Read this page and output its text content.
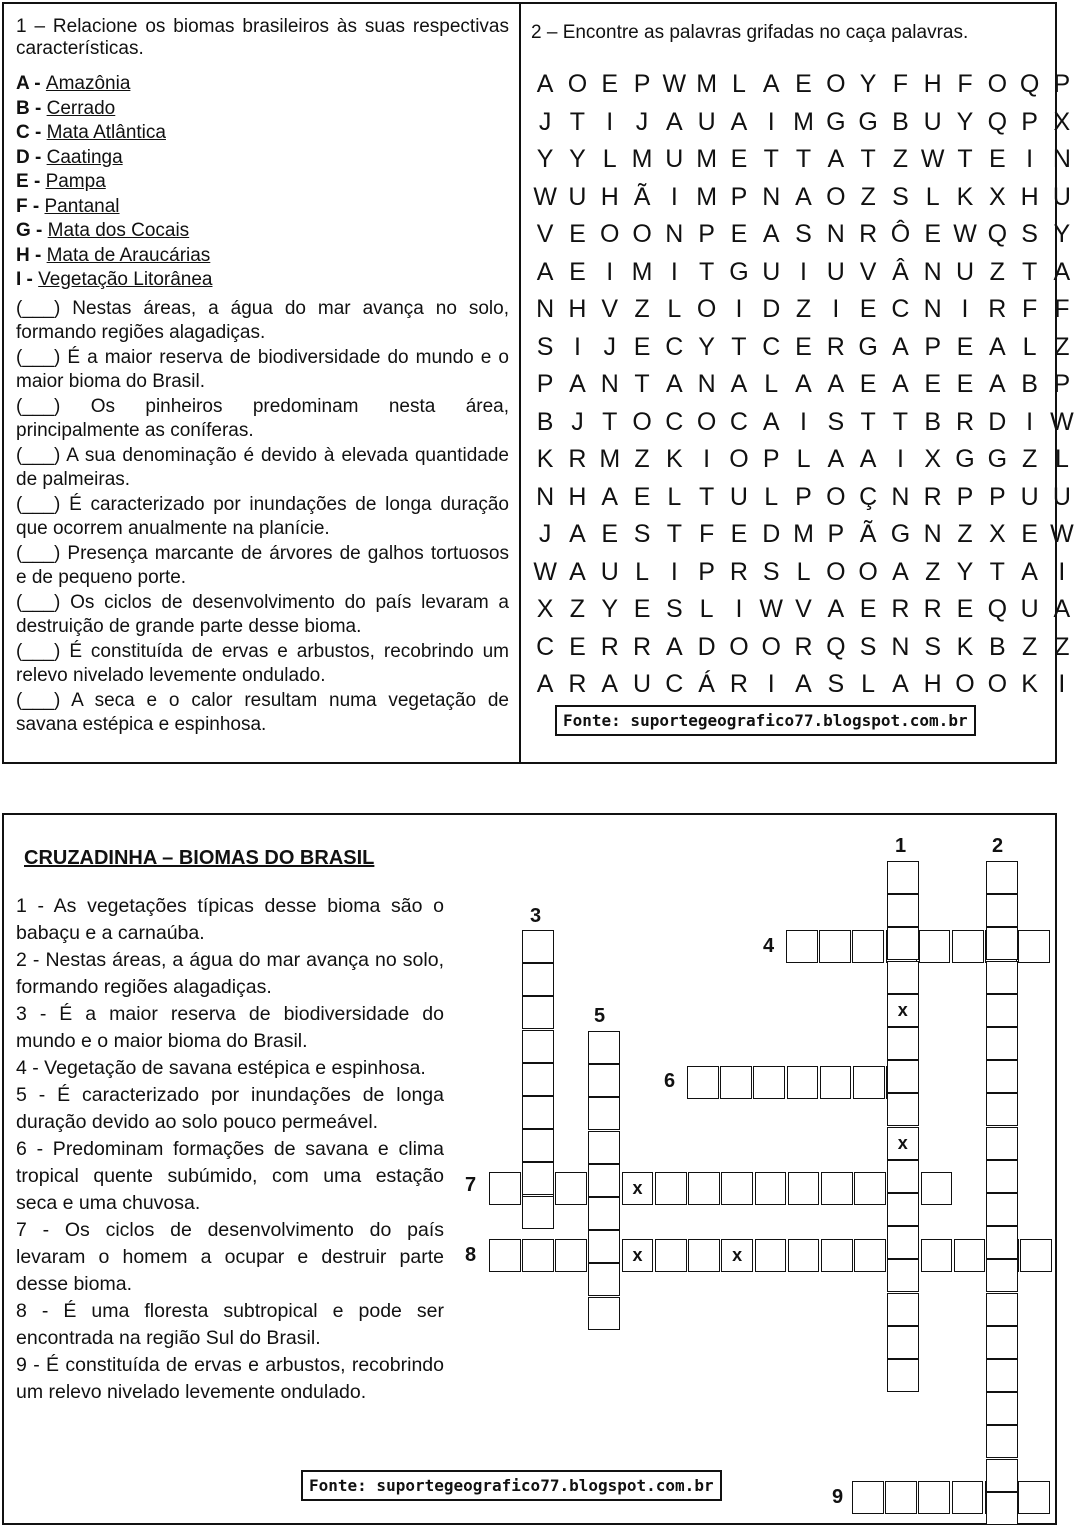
1 – Relacione os biomas brasileiros às suas respectivas características.
A - Amazônia
B - Cerrado
C - Mata Atlântica
D - Caatinga
E - Pampa
F - Pantanal
G - Mata dos Cocais
H - Mata de Araucárias
I - Vegetação Litorânea
(___) Nestas áreas, a água do mar avança no solo, formando regiões alagadiças.
(___) É a maior reserva de biodiversidade do mundo e o maior bioma do Brasil.
(___) Os pinheiros predominam nesta área, principalmente as coníferas.
(___) A sua denominação é devido à elevada quantidade de palmeiras.
(___) É caracterizado por inundações de longa duração que ocorrem anualmente na planície.
(___) Presença marcante de árvores de galhos tortuosos e de pequeno porte.
(___) Os ciclos de desenvolvimento do país levaram a destruição de grande parte desse bioma.
(___) É constituída de ervas e arbustos, recobrindo um relevo nivelado levemente ondulado.
(___) A seca e o calor resultam numa vegetação de savana estépica e espinhosa.
2 – Encontre as palavras grifadas no caça palavras.
A O E P W M L A E O Y F H F O Q P
J T I J A U A I M G G B U Y Q P X
Y Y L M U M E T T A T Z W T E I N
W U H Ã I M P N A O Z S L K X H U
V E O O N P E A S N R Ô E W Q S Y
A E I M I T G U I U V Â N U Z T A
N H V Z L O I D Z I E C N I R F F
S I J E C Y T C E R G A P E A L Z
P A N T A N A L A A E A E E A B P
B J T O C O C A I S T T B R D I W
K R M Z K I O P L A A I X G G Z L
N H A E L T U L P O Ç N R P P U U
J A E S T F E D M P Ã G N Z X E W
W A U L I P R S L O O A Z Y T A I
X Z Y E S L I W V A E R R E Q U A
C E R R A D O O R Q S N S K B Z Z
A R A U C Á R I A S L A H O O K I
Fonte: suportegeografico77.blogspot.com.br
CRUZADINHA – BIOMAS DO BRASIL
1 - As vegetações típicas desse bioma são o babaçu e a carnaúba.
2 - Nestas áreas, a água do mar avança no solo, formando regiões alagadiças.
3 - É a maior reserva de biodiversidade do mundo e o maior bioma do Brasil.
4 - Vegetação de savana estépica e espinhosa.
5 - É caracterizado por inundações de longa duração devido ao solo pouco permeável.
6 - Predominam formações de savana e clima tropical quente subúmido, com uma estação seca e uma chuvosa.
7 - Os ciclos de desenvolvimento do país levaram o homem a ocupar e destruir parte desse bioma.
8 - É uma floresta subtropical e pode ser encontrada na região Sul do Brasil.
9 - É constituída de ervas e arbustos, recobrindo um relevo nivelado levemente ondulado.
Fonte: suportegeografico77.blogspot.com.br
x
x	x
x
x
1	2
3
4
5
6
7
8
9
